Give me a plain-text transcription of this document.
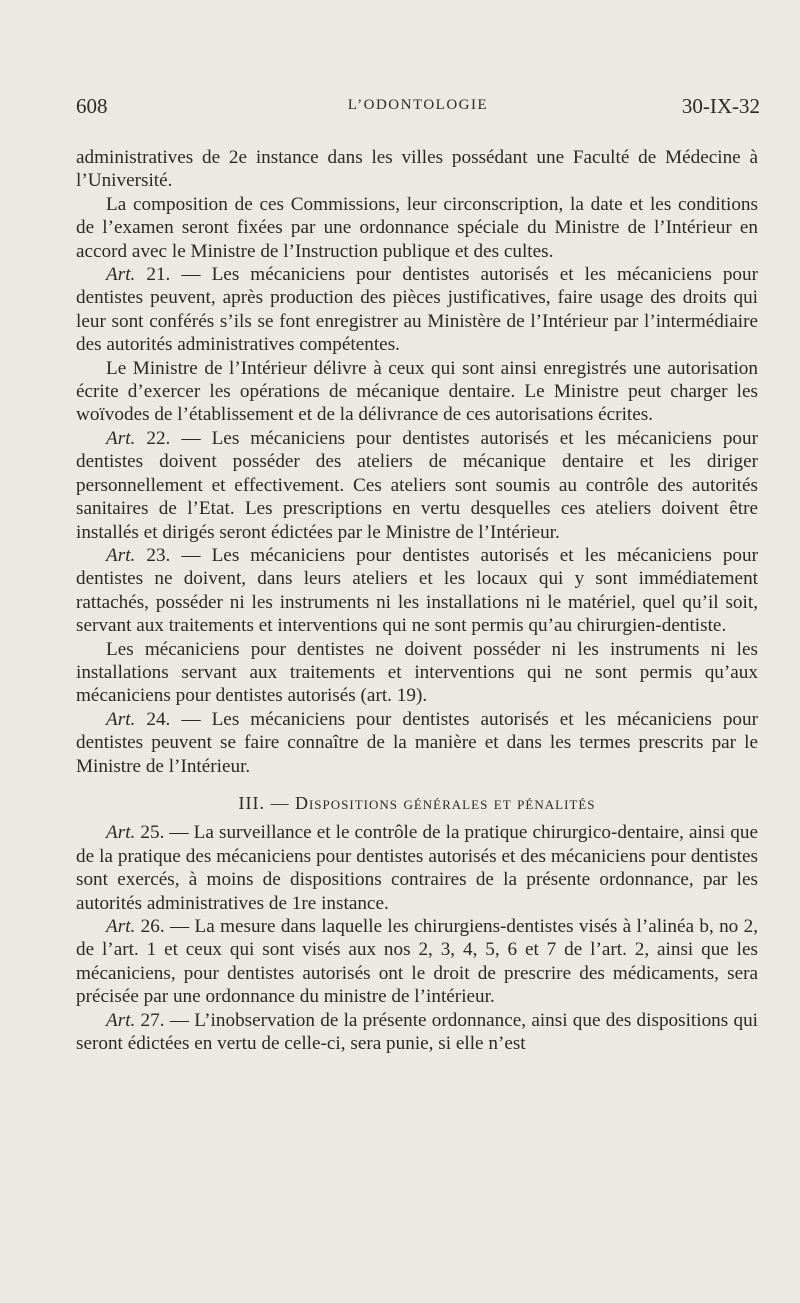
608	L’ODONTOLOGIE	30-IX-32

administratives de 2e instance dans les villes possédant une Faculté de Médecine à l’Université.

La composition de ces Commissions, leur circonscription, la date et les conditions de l’examen seront fixées par une ordonnance spéciale du Ministre de l’Intérieur en accord avec le Ministre de l’Instruction publique et des cultes.

Art. 21. — Les mécaniciens pour dentistes autorisés et les mécaniciens pour dentistes peuvent, après production des pièces justificatives, faire usage des droits qui leur sont conférés s’ils se font enregistrer au Ministère de l’Intérieur par l’intermédiaire des autorités administratives compétentes.

Le Ministre de l’Intérieur délivre à ceux qui sont ainsi enregistrés une autorisation écrite d’exercer les opérations de mécanique dentaire. Le Ministre peut charger les woïvodes de l’établissement et de la délivrance de ces autorisations écrites.

Art. 22. — Les mécaniciens pour dentistes autorisés et les mécaniciens pour dentistes doivent posséder des ateliers de mécanique dentaire et les diriger personnellement et effectivement. Ces ateliers sont soumis au contrôle des autorités sanitaires de l’Etat. Les prescriptions en vertu desquelles ces ateliers doivent être installés et dirigés seront édictées par le Ministre de l’Intérieur.

Art. 23. — Les mécaniciens pour dentistes autorisés et les mécaniciens pour dentistes ne doivent, dans leurs ateliers et les locaux qui y sont immédiatement rattachés, posséder ni les instruments ni les installations ni le matériel, quel qu’il soit, servant aux traitements et interventions qui ne sont permis qu’au chirurgien-dentiste.

Les mécaniciens pour dentistes ne doivent posséder ni les instruments ni les installations servant aux traitements et interventions qui ne sont permis qu’aux mécaniciens pour dentistes autorisés (art. 19).

Art. 24. — Les mécaniciens pour dentistes autorisés et les mécaniciens pour dentistes peuvent se faire connaître de la manière et dans les termes prescrits par le Ministre de l’Intérieur.

III. — Dispositions générales et pénalités

Art. 25. — La surveillance et le contrôle de la pratique chirurgico-dentaire, ainsi que de la pratique des mécaniciens pour dentistes autorisés et des mécaniciens pour dentistes sont exercés, à moins de dispositions contraires de la présente ordonnance, par les autorités administratives de 1re instance.

Art. 26. — La mesure dans laquelle les chirurgiens-dentistes visés à l’alinéa b, no 2, de l’art. 1 et ceux qui sont visés aux nos 2, 3, 4, 5, 6 et 7 de l’art. 2, ainsi que les mécaniciens, pour dentistes autorisés ont le droit de prescrire des médicaments, sera précisée par une ordonnance du ministre de l’intérieur.

Art. 27. — L’inobservation de la présente ordonnance, ainsi que des dispositions qui seront édictées en vertu de celle-ci, sera punie, si elle n’est
